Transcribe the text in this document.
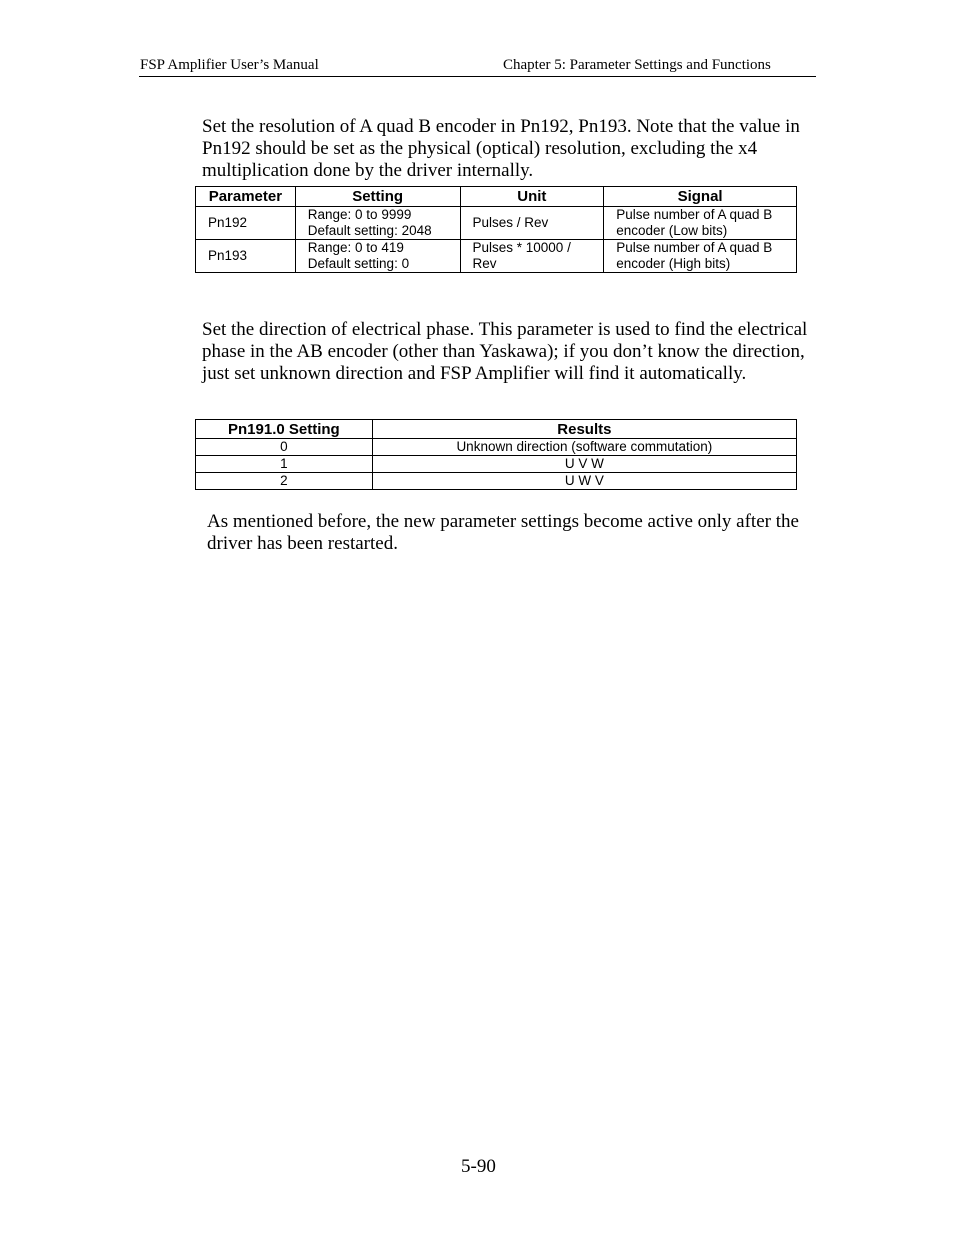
FSP Amplifier User’s Manual	Chapter 5: Parameter Settings and Functions

Set the resolution of A quad B encoder in Pn192, Pn193. Note that the value in
Pn192 should be set as the physical (optical) resolution, excluding the x4
multiplication done by the driver internally.

Parameter	Setting	Unit	Signal

Pn192	Range: 0 to 9999
Default setting: 2048	Pulses / Rev	Pulse number of A quad B
encoder (Low bits)

Pn193	Range: 0 to 419
Default setting: 0	Pulses * 10000 /
Rev	Pulse number of A quad B
encoder (High bits)

Set the direction of electrical phase. This parameter is used to find the electrical
phase in the AB encoder (other than Yaskawa); if you don’t know the direction,
just set unknown direction and FSP Amplifier will find it automatically.

Pn191.0 Setting	Results
0	Unknown direction (software commutation)
1	U V W
2	U W V

As mentioned before, the new parameter settings become active only after the
driver has been restarted.

5-90
